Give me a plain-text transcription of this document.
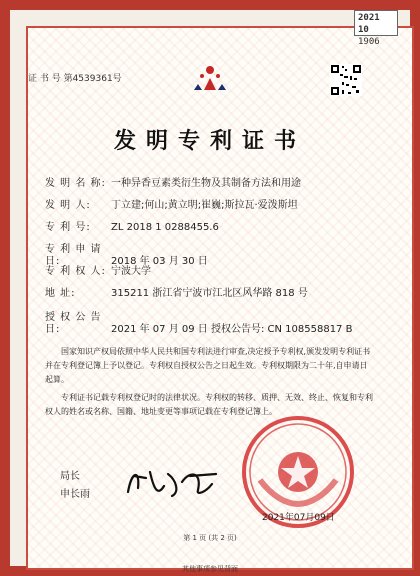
2021 10
1906
证 书 号 第4539361号
发明专利证书
发 明 名 称: 一种异香豆素类衍生物及其制备方法和用途
发 明 人: 丁立建;何山;黄立明;崔巍;斯拉瓦·爱泼斯坦
专 利 号: ZL 2018 1 0288455.6
专 利 申 请 日:	2018 年 03 月 30 日
专 利 权 人: 宁波大学
地 址:	315211 浙江省宁波市江北区风华路 818 号
授 权 公 告 日:	2021 年 07 月 09 日 授权公告号: CN 108558817 B

国家知识产权局依照中华人民共和国专利法进行审查,决定授予专利权,颁发发明专利证书并在专利登记簿上予以登记。专利权自授权公告之日起生效。专利权期限为二十年,自申请日起算。

专利证书记载专利权登记时的法律状况。专利权的转移、质押、无效、终止、恢复和专利权人的姓名或名称、国籍、地址变更等事项记载在专利登记簿上。

局长
申长雨
2021年07月09日
第 1 页 (共 2 页)
其他事项参见背面
